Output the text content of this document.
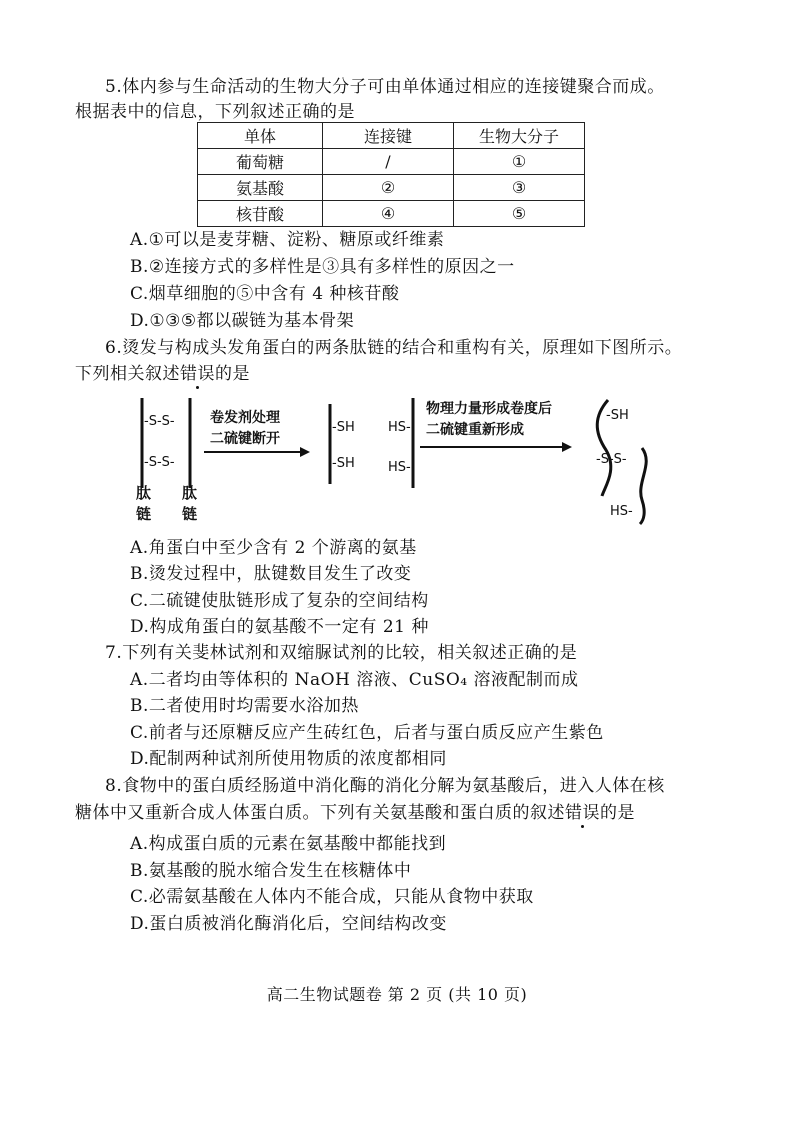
5.体内参与生命活动的生物大分子可由单体通过相应的连接键聚合而成。
根据表中的信息，下列叙述正确的是
单体	连接键	生物大分子
葡萄糖	/	①
氨基酸	②	③
核苷酸	④	⑤
A.①可以是麦芽糖、淀粉、糖原或纤维素
B.②连接方式的多样性是③具有多样性的原因之一
C.烟草细胞的⑤中含有 4 种核苷酸
D.①③⑤都以碳链为基本骨架
6.烫发与构成头发角蛋白的两条肽链的结合和重构有关，原理如下图所示。
下列相关叙述错误的是
-S-S-
-S-S-
肽
链
肽
链
卷发剂处理
二硫键断开
-SH
-SH
HS-
HS-
物理力量形成卷度后
二硫键重新形成
-SH
-S-S-
HS-
A.角蛋白中至少含有 2 个游离的氨基
B.烫发过程中，肽键数目发生了改变
C.二硫键使肽链形成了复杂的空间结构
D.构成角蛋白的氨基酸不一定有 21 种
7.下列有关斐林试剂和双缩脲试剂的比较，相关叙述正确的是
A.二者均由等体积的 NaOH 溶液、CuSO₄ 溶液配制而成
B.二者使用时均需要水浴加热
C.前者与还原糖反应产生砖红色，后者与蛋白质反应产生紫色
D.配制两种试剂所使用物质的浓度都相同
8.食物中的蛋白质经肠道中消化酶的消化分解为氨基酸后，进入人体在核
糖体中又重新合成人体蛋白质。下列有关氨基酸和蛋白质的叙述错误的是
A.构成蛋白质的元素在氨基酸中都能找到
B.氨基酸的脱水缩合发生在核糖体中
C.必需氨基酸在人体内不能合成，只能从食物中获取
D.蛋白质被消化酶消化后，空间结构改变
高二生物试题卷 第 2 页 (共 10 页)
